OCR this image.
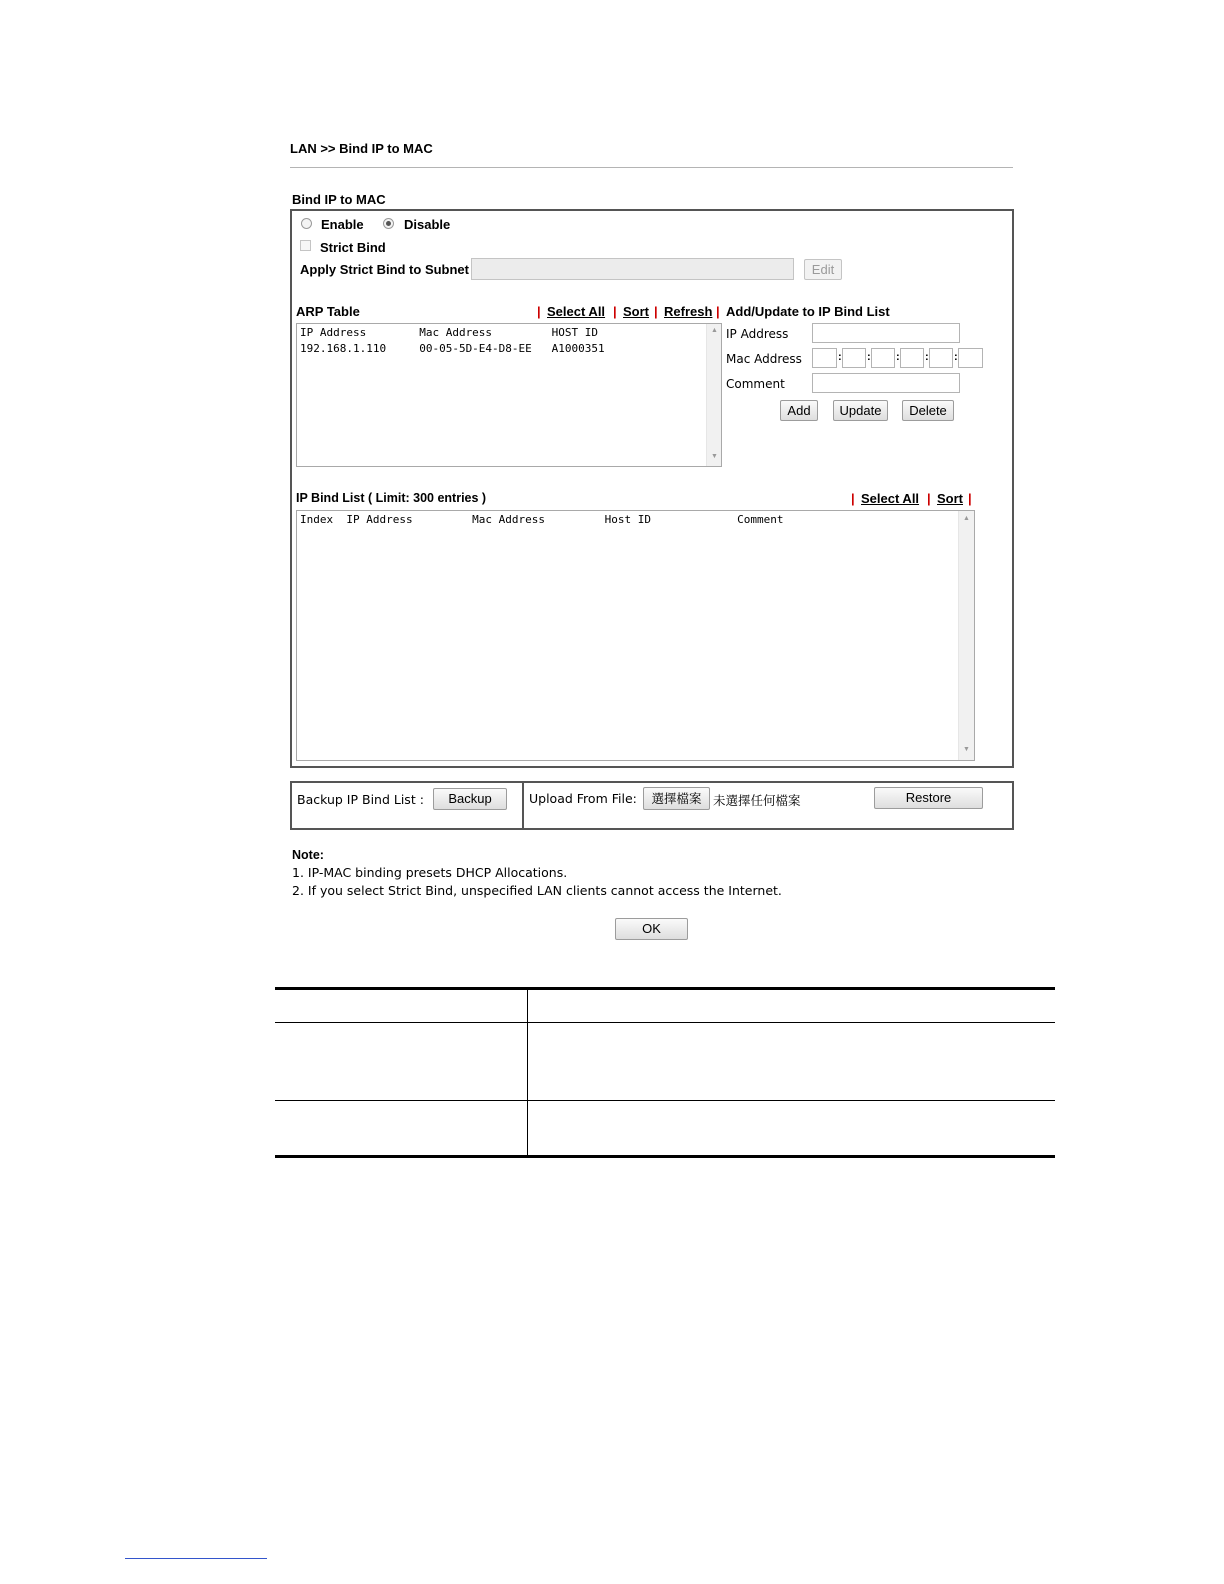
LAN >> Bind IP to MAC
Bind IP to MAC
Enable	Disable
Strict Bind
Apply Strict Bind to Subnet	Edit
ARP Table	| Select All | Sort | Refresh | Add/Update to IP Bind List
IP Address        Mac Address         HOST ID
192.168.1.110     00-05-5D-E4-D8-EE   A1000351
▲
▼
IP Address
Mac Address	: : : : :
Comment
Add	Update	Delete
IP Bind List ( Limit: 300 entries )	| Select All | Sort |
Index  IP Address         Mac Address         Host ID             Comment	▲
▼
Backup IP Bind List :	Backup	Upload From File:	選擇檔案 未選擇任何檔案	Restore
Note:
1. IP-MAC binding presets DHCP Allocations.
2. If you select Strict Bind, unspecified LAN clients cannot access the Internet.
OK
